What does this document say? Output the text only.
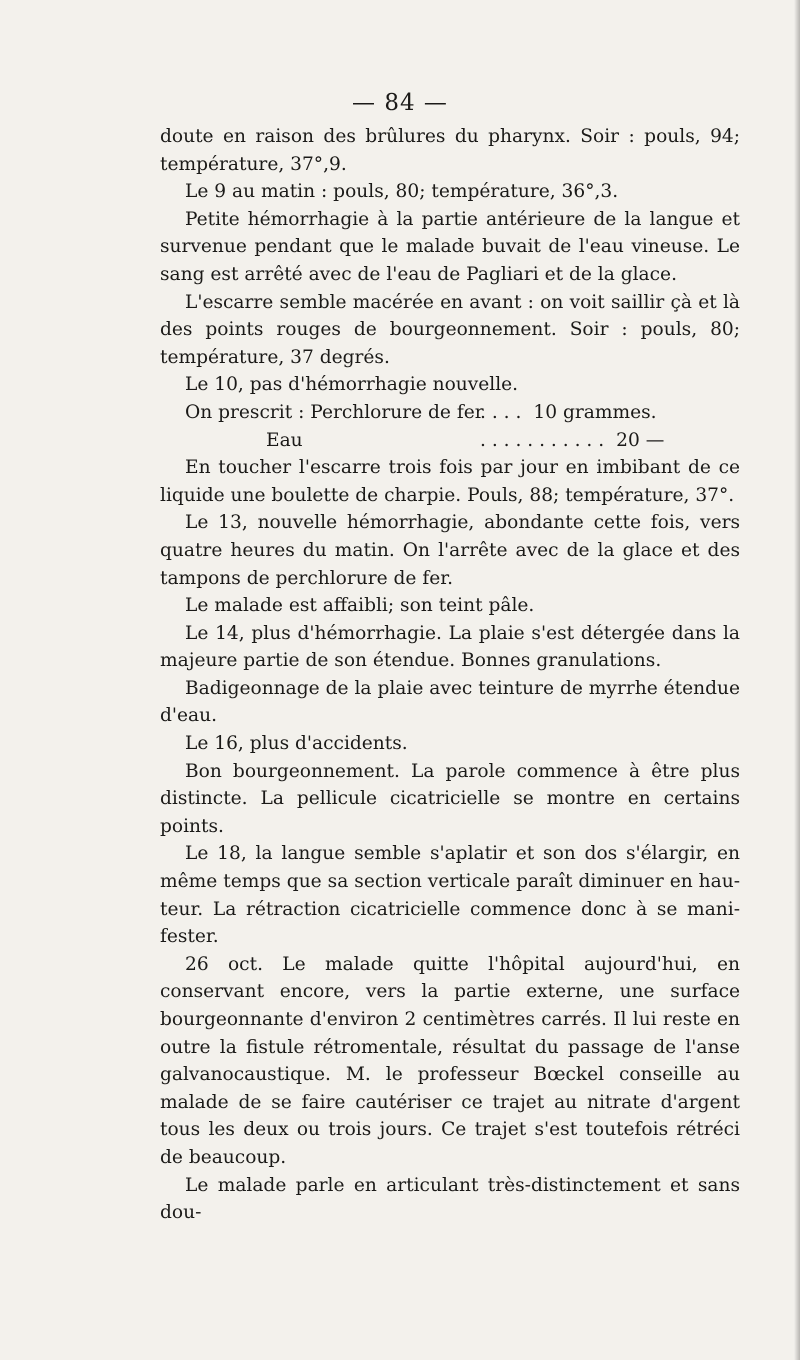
— 84 —

doute en raison des brûlures du pharynx. Soir : pouls, 94; température, 37°,9.

Le 9 au matin : pouls, 80; température, 36°,3.

Petite hémorrhagie à la partie antérieure de la langue et survenue pendant que le malade buvait de l'eau vineuse. Le sang est arrêté avec de l'eau de Pagliari et de la glace.

L'escarre semble macérée en avant : on voit saillir çà et là des points rouges de bourgeonnement. Soir : pouls, 80; température, 37 degrés.

Le 10, pas d'hémorrhagie nouvelle.

On prescrit : Perchlorure de fer
. . . . 10 grammes.
Eau	. . . . . . . . . . . 20 —

En toucher l'escarre trois fois par jour en imbibant de ce liquide une boulette de charpie. Pouls, 88; température, 37°.

Le 13, nouvelle hémorrhagie, abondante cette fois, vers quatre heures du matin. On l'arrête avec de la glace et des tampons de perchlorure de fer.

Le malade est affaibli; son teint pâle.

Le 14, plus d'hémorrhagie. La plaie s'est détergée dans la majeure partie de son étendue. Bonnes granulations.

Badigeonnage de la plaie avec teinture de myrrhe étendue d'eau.

Le 16, plus d'accidents.

Bon bourgeonnement. La parole commence à être plus distincte. La pellicule cicatricielle se montre en certains points.

Le 18, la langue semble s'aplatir et son dos s'élargir, en même temps que sa section verticale paraît diminuer en hauteur. La rétraction cicatricielle commence donc à se manifester.

26 oct. Le malade quitte l'hôpital aujourd'hui, en conservant encore, vers la partie externe, une surface bourgeonnante d'environ 2 centimètres carrés. Il lui reste en outre la fistule rétromentale, résultat du passage de l'anse galvanocaustique. M. le professeur Bœckel conseille au malade de se faire cautériser ce trajet au nitrate d'argent tous les deux ou trois jours. Ce trajet s'est toutefois rétréci de beaucoup.

Le malade parle en articulant très-distinctement et sans dou-
